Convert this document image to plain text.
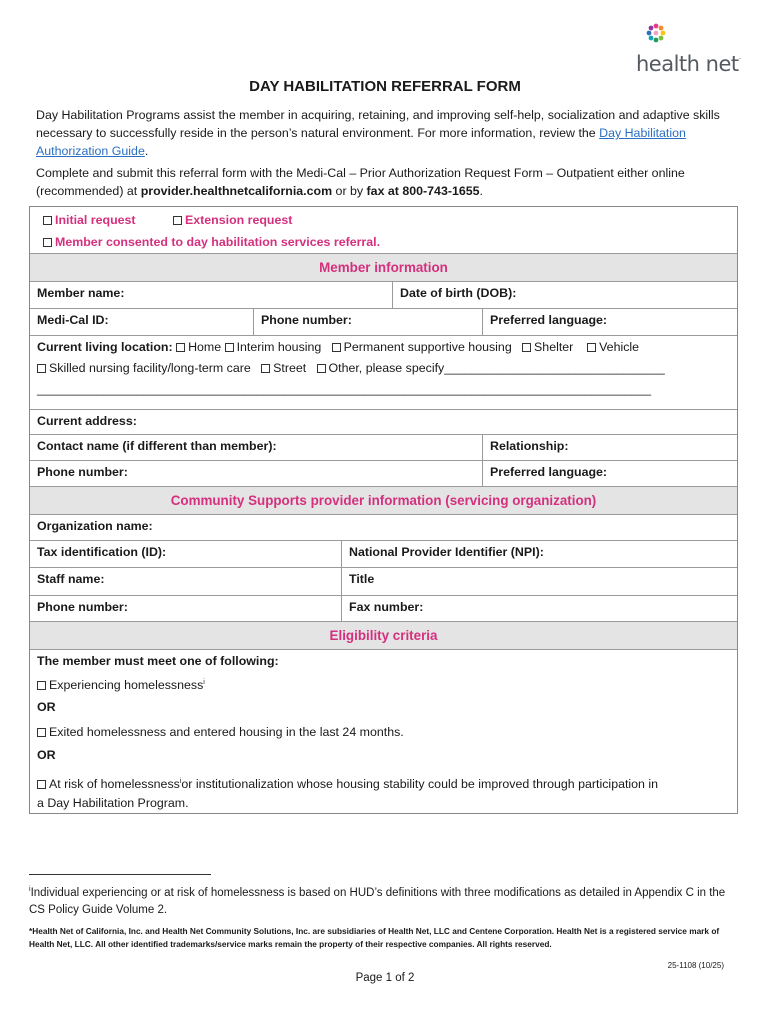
health net.
DAY HABILITATION REFERRAL FORM
Day Habilitation Programs assist the member in acquiring, retaining, and improving self-help, socialization and adaptive skills necessary to successfully reside in the person’s natural environment. For more information, review the Day Habilitation Authorization Guide.
Complete and submit this referral form with the Medi-Cal – Prior Authorization Request Form – Outpatient either online (recommended) at provider.healthnetcalifornia.com or by fax at 800-743-1655.
Initial request	Extension request
Member consented to day habilitation services referral.
Member information
Member name:	Date of birth (DOB):
Medi-Cal ID:	Phone number:	Preferred language:
Current living location: Home Interim housing Permanent supportive housing Shelter Vehicle
Skilled nursing facility/long-term care Street Other, please specify________________________________
____________________________________________________________________________________________
Current address:
Contact name (if different than member):	Relationship:
Phone number:	Preferred language:
Community Supports provider information (servicing organization)
Organization name:
Tax identification (ID):	National Provider Identifier (NPI):
Staff name:	Title
Phone number:	Fax number:
Eligibility criteria
The member must meet one of following:
Experiencing homelessness$^i$
OR
Exited homelessness and entered housing in the last 24 months.
OR
At risk of homelessness$^i$or institutionalization whose housing stability could be improved through participation in
a Day Habilitation Program.
$^i$Individual experiencing or at risk of homelessness is based on HUD’s definitions with three modifications as detailed in Appendix C in the CS Policy Guide Volume 2.
*Health Net of California, Inc. and Health Net Community Solutions, Inc. are subsidiaries of Health Net, LLC and Centene Corporation. Health Net is a registered service mark of Health Net, LLC. All other identified trademarks/service marks remain the property of their respective companies. All rights reserved.
25-1108 (10/25)
Page 1 of 2
